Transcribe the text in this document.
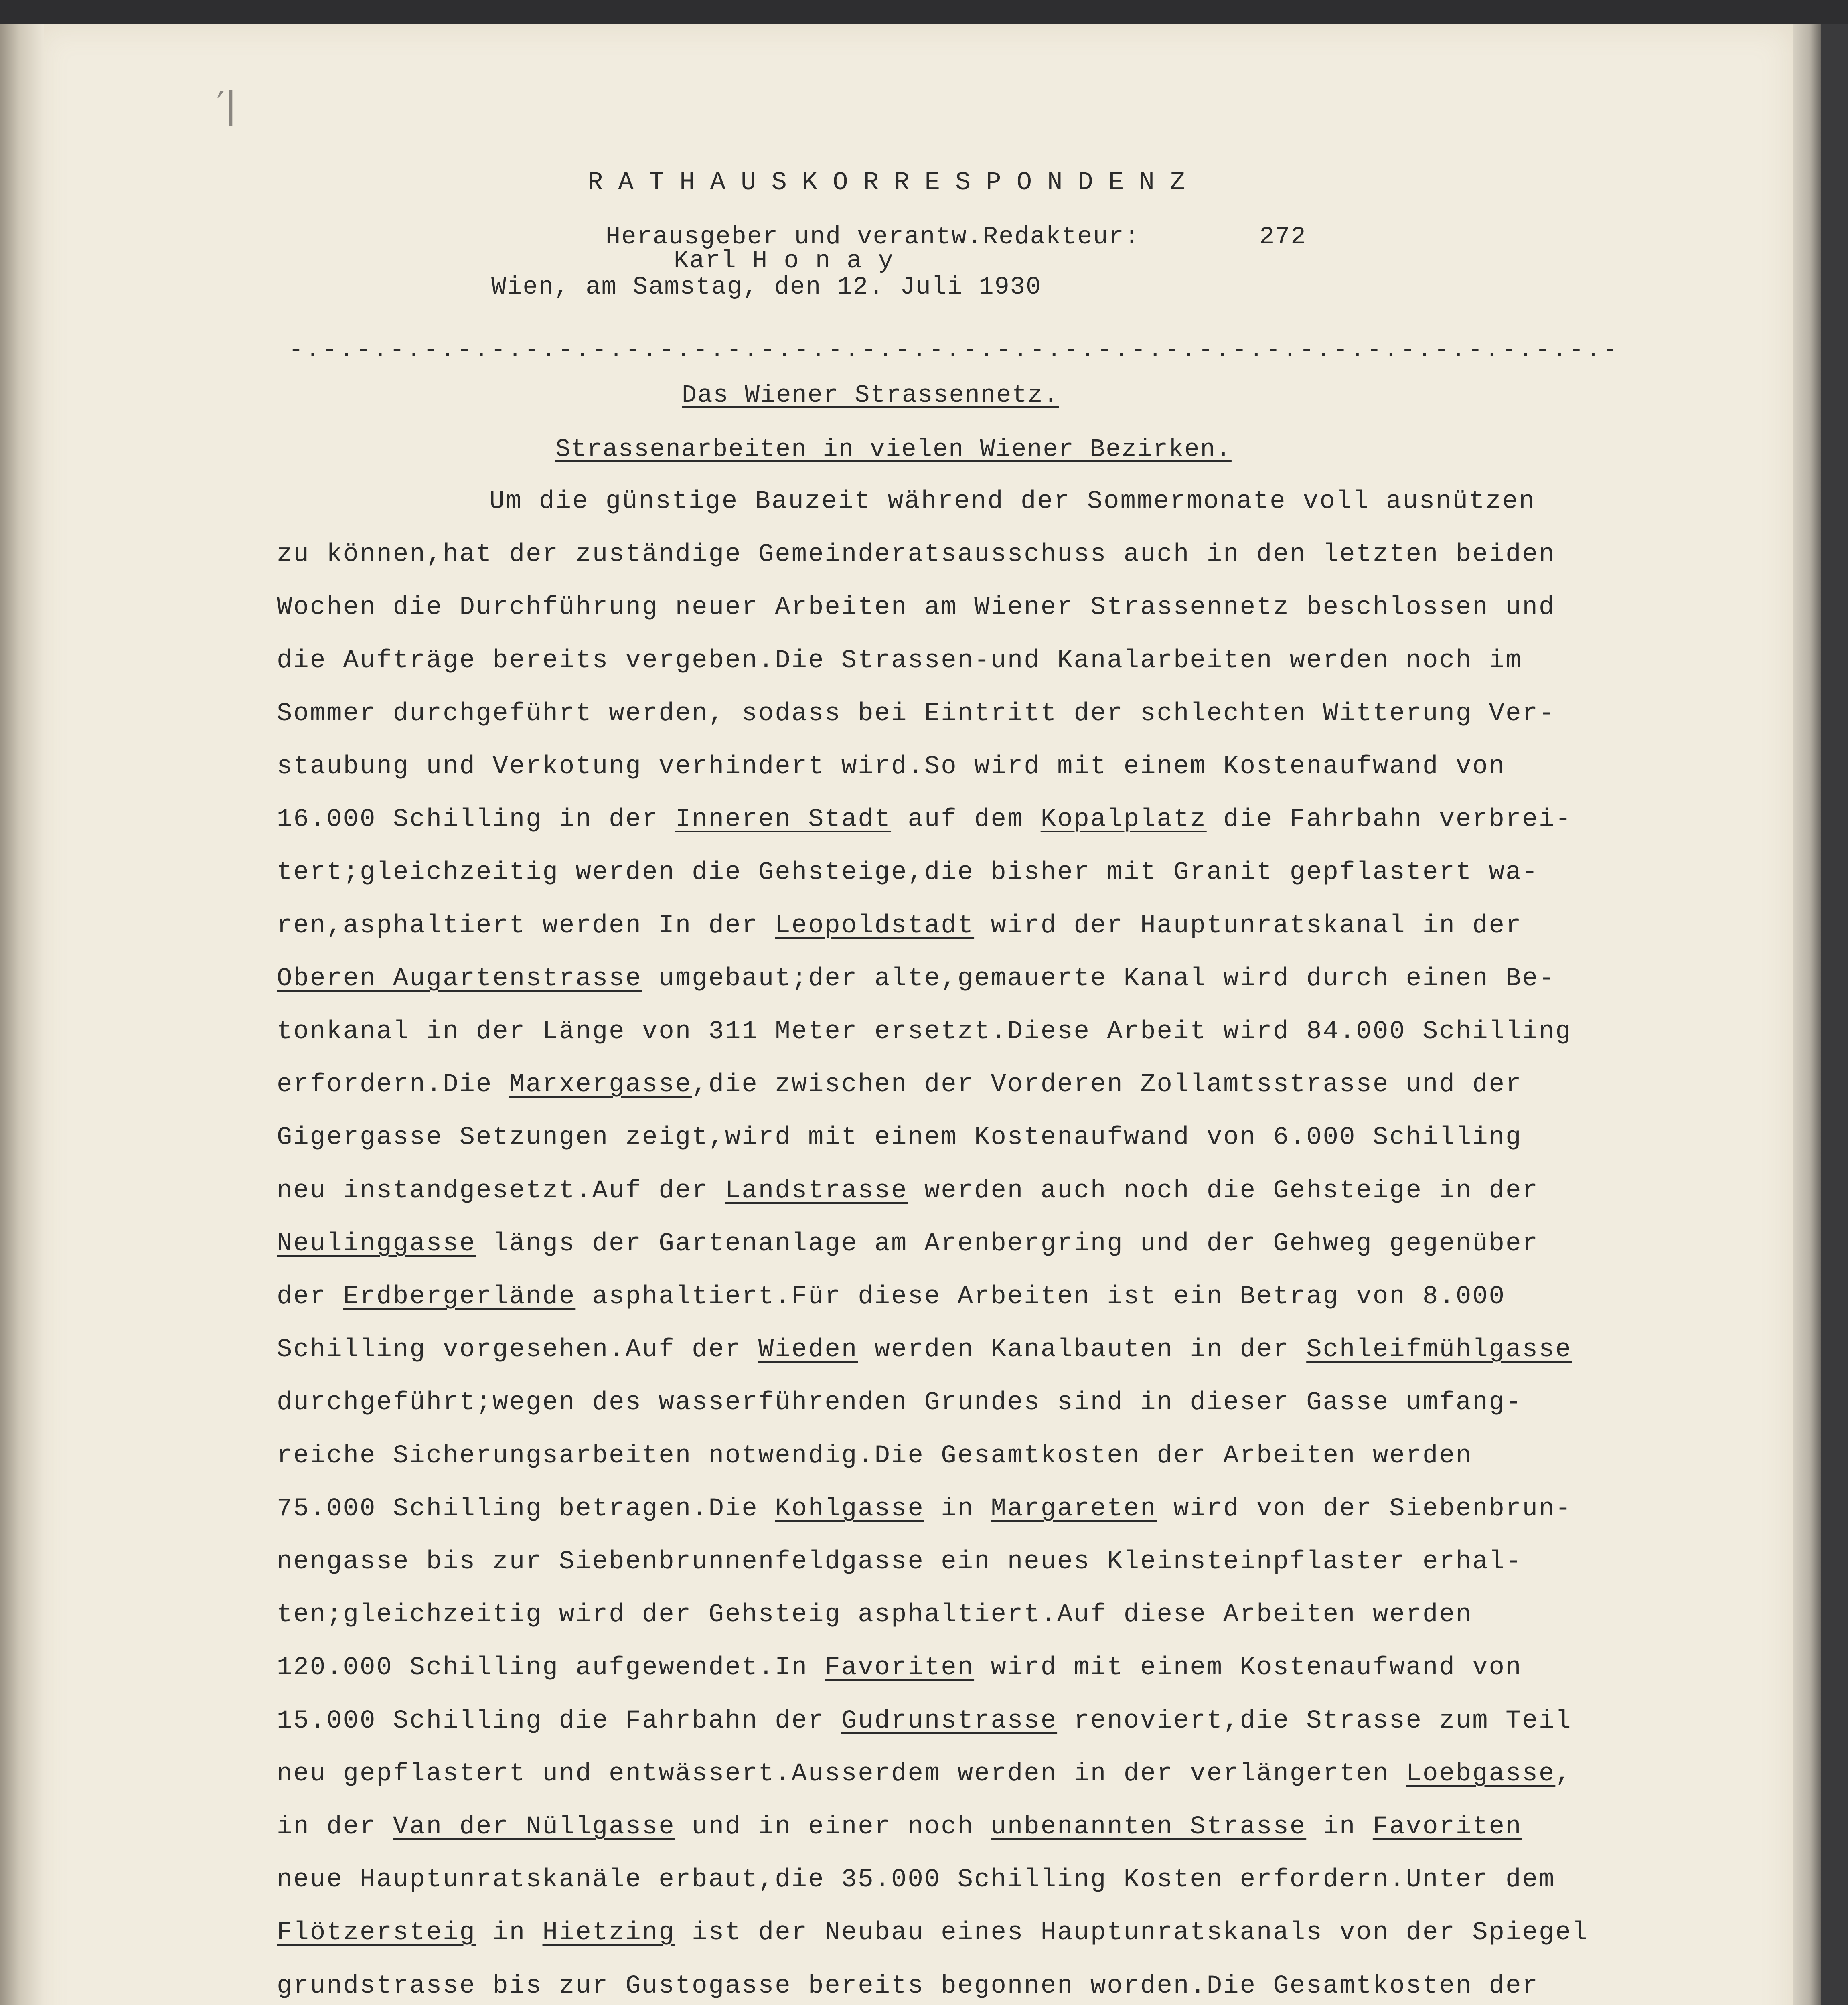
′|
RATHAUSKORRESPONDENZ
Herausgeber und verantw.Redakteur:	272
Karl H o n a y
Wien, am Samstag, den 12. Juli 1930
-.-.-.-.-.-.-.-.-.-.-.-.-.-.-.-.-.-.-.-.-.-.-.-.-.-.-.-.-.-.-.-.-.-.-.-.-.-.-.-
Das Wiener Strassennetz.
Strassenarbeiten in vielen Wiener Bezirken.
Um die günstige Bauzeit während der Sommermonate voll ausnützen
zu können,hat der zuständige Gemeinderatsausschuss auch in den letzten beiden
Wochen die Durchführung neuer Arbeiten am Wiener Strassennetz beschlossen und
die Aufträge bereits vergeben.Die Strassen-und Kanalarbeiten werden noch im
Sommer durchgeführt werden, sodass bei Eintritt der schlechten Witterung Ver-
staubung und Verkotung verhindert wird.So wird mit einem Kostenaufwand von
16.000 Schilling in der Inneren Stadt auf dem Kopalplatz die Fahrbahn verbrei-
tert;gleichzeitig werden die Gehsteige,die bisher mit Granit gepflastert wa-
ren,asphaltiert werden In der Leopoldstadt wird der Hauptunratskanal in der
Oberen Augartenstrasse umgebaut;der alte,gemauerte Kanal wird durch einen Be-
tonkanal in der Länge von 311 Meter ersetzt.Diese Arbeit wird 84.000 Schilling
erfordern.Die Marxergasse,die zwischen der Vorderen Zollamtsstrasse und der
Gigergasse Setzungen zeigt,wird mit einem Kostenaufwand von 6.000 Schilling
neu instandgesetzt.Auf der Landstrasse werden auch noch die Gehsteige in der
Neulinggasse längs der Gartenanlage am Arenbergring und der Gehweg gegenüber
der Erdbergerlände asphaltiert.Für diese Arbeiten ist ein Betrag von 8.000
Schilling vorgesehen.Auf der Wieden werden Kanalbauten in der Schleifmühlgasse
durchgeführt;wegen des wasserführenden Grundes sind in dieser Gasse umfang-
reiche Sicherungsarbeiten notwendig.Die Gesamtkosten der Arbeiten werden
75.000 Schilling betragen.Die Kohlgasse in Margareten wird von der Siebenbrun-
nengasse bis zur Siebenbrunnenfeldgasse ein neues Kleinsteinpflaster erhal-
ten;gleichzeitig wird der Gehsteig asphaltiert.Auf diese Arbeiten werden
120.000 Schilling aufgewendet.In Favoriten wird mit einem Kostenaufwand von
15.000 Schilling die Fahrbahn der Gudrunstrasse renoviert,die Strasse zum Teil
neu gepflastert und entwässert.Ausserdem werden in der verlängerten Loebgasse,
in der Van der Nüllgasse und in einer noch unbenannten Strasse in Favoriten
neue Hauptunratskanäle erbaut,die 35.000 Schilling Kosten erfordern.Unter dem
Flötzersteig in Hietzing ist der Neubau eines Hauptunratskanals von der Spiegel
grundstrasse bis zur Gustogasse bereits begonnen worden.Die Gesamtkosten der
